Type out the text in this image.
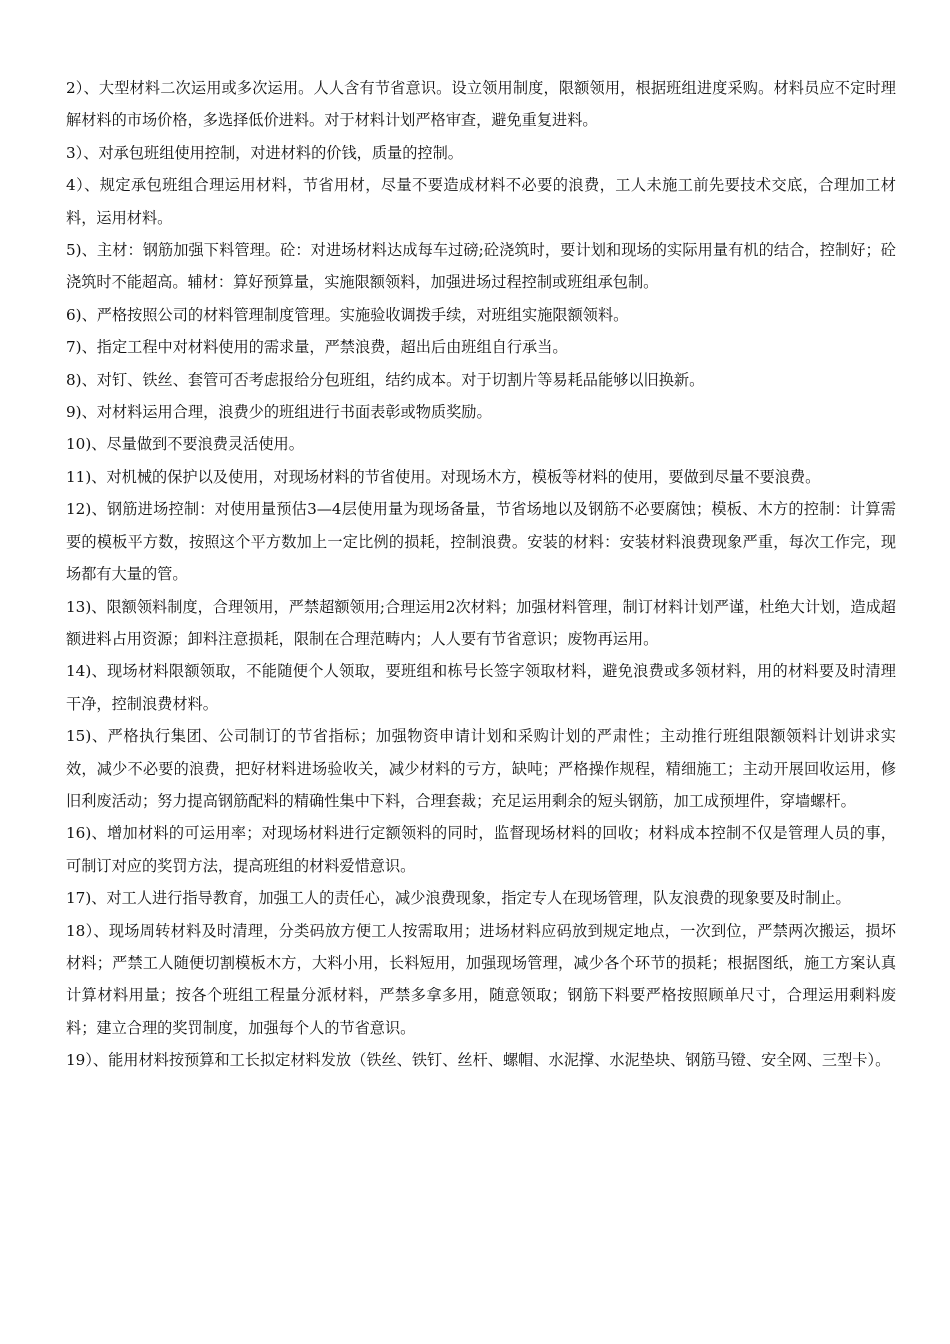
2）、大型材料二次运用或多次运用。人人含有节省意识。设立领用制度，限额领用，根据班组进度采购。材料员应不定时理解材料的市场价格，多选择低价进料。对于材料计划严格审查，避免重复进料。

3）、对承包班组使用控制，对进材料的价钱，质量的控制。

4）、规定承包班组合理运用材料，节省用材，尽量不要造成材料不必要的浪费，工人未施工前先要技术交底，合理加工材料，运用材料。

5)、主材：钢筋加强下料管理。砼：对进场材料达成每车过磅;砼浇筑时，要计划和现场的实际用量有机的结合，控制好；砼浇筑时不能超高。辅材：算好预算量，实施限额领料，加强进场过程控制或班组承包制。

6)、严格按照公司的材料管理制度管理。实施验收调拨手续，对班组实施限额领料。

7)、指定工程中对材料使用的需求量，严禁浪费，超出后由班组自行承当。

8)、对钉、铁丝、套管可否考虑报给分包班组，结约成本。对于切割片等易耗品能够以旧换新。

9)、对材料运用合理，浪费少的班组进行书面表彰或物质奖励。

10)、尽量做到不要浪费灵活使用。

11)、对机械的保护以及使用，对现场材料的节省使用。对现场木方，模板等材料的使用，要做到尽量不要浪费。

12)、钢筋进场控制：对使用量预估3—4层使用量为现场备量，节省场地以及钢筋不必要腐蚀；模板、木方的控制：计算需要的模板平方数，按照这个平方数加上一定比例的损耗，控制浪费。安装的材料：安装材料浪费现象严重，每次工作完，现场都有大量的管。

13)、限额领料制度，合理领用，严禁超额领用;合理运用2次材料；加强材料管理，制订材料计划严谨，杜绝大计划，造成超额进料占用资源；卸料注意损耗，限制在合理范畴内；人人要有节省意识；废物再运用。

14)、现场材料限额领取，不能随便个人领取，要班组和栋号长签字领取材料，避免浪费或多领材料，用的材料要及时清理干净，控制浪费材料。

15)、严格执行集团、公司制订的节省指标；加强物资申请计划和采购计划的严肃性；主动推行班组限额领料计划讲求实效，减少不必要的浪费，把好材料进场验收关，减少材料的亏方，缺吨；严格操作规程，精细施工；主动开展回收运用，修旧利废活动；努力提高钢筋配料的精确性集中下料，合理套裁；充足运用剩余的短头钢筋，加工成预埋件，穿墙螺杆。

16)、增加材料的可运用率；对现场材料进行定额领料的同时，监督现场材料的回收；材料成本控制不仅是管理人员的事，可制订对应的奖罚方法，提高班组的材料爱惜意识。

17)、对工人进行指导教育，加强工人的责任心，减少浪费现象，指定专人在现场管理，队友浪费的现象要及时制止。

18）、现场周转材料及时清理，分类码放方便工人按需取用；进场材料应码放到规定地点，一次到位，严禁两次搬运，损坏材料；严禁工人随便切割模板木方，大料小用，长料短用，加强现场管理，减少各个环节的损耗；根据图纸，施工方案认真计算材料用量；按各个班组工程量分派材料，严禁多拿多用，随意领取；钢筋下料要严格按照顾单尺寸，合理运用剩料废料；建立合理的奖罚制度，加强每个人的节省意识。

19）、能用材料按预算和工长拟定材料发放（铁丝、铁钉、丝杆、螺帽、水泥撑、水泥垫块、钢筋马镫、安全网、三型卡）。
